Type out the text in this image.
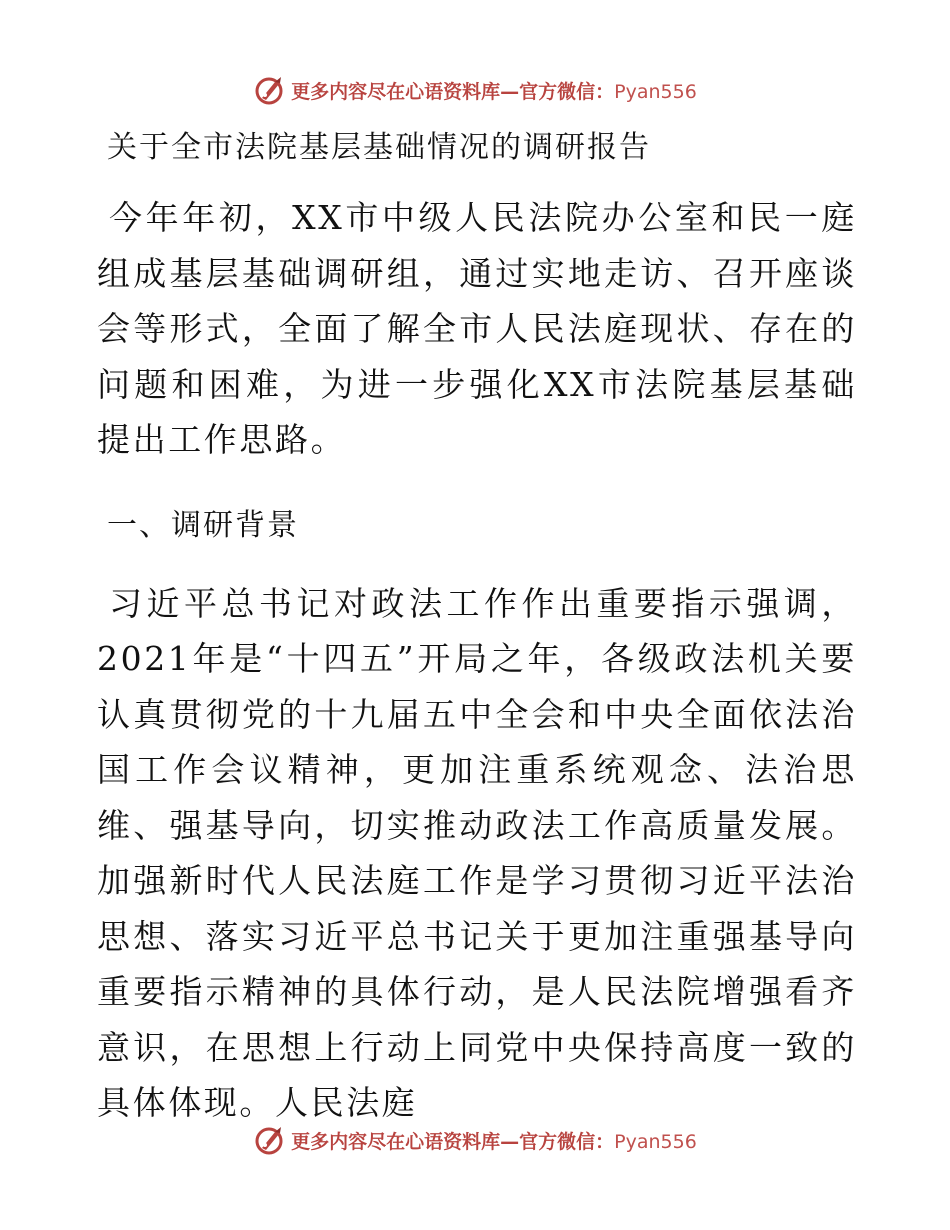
更多内容尽在心语资料库—官方微信：Pyan556

关于全市法院基层基础情况的调研报告

今年年初，XX市中级人民法院办公室和民一庭组成基层基础调研组，通过实地走访、召开座谈会等形式，全面了解全市人民法庭现状、存在的问题和困难，为进一步强化XX市法院基层基础提出工作思路。

一、调研背景

习近平总书记对政法工作作出重要指示强调，2021年是“十四五”开局之年，各级政法机关要认真贯彻党的十九届五中全会和中央全面依法治国工作会议精神，更加注重系统观念、法治思维、强基导向，切实推动政法工作高质量发展。加强新时代人民法庭工作是学习贯彻习近平法治思想、落实习近平总书记关于更加注重强基导向重要指示精神的具体行动，是人民法院增强看齐意识，在思想上行动上同党中央保持高度一致的具体体现。人民法庭

更多内容尽在心语资料库—官方微信：Pyan556
